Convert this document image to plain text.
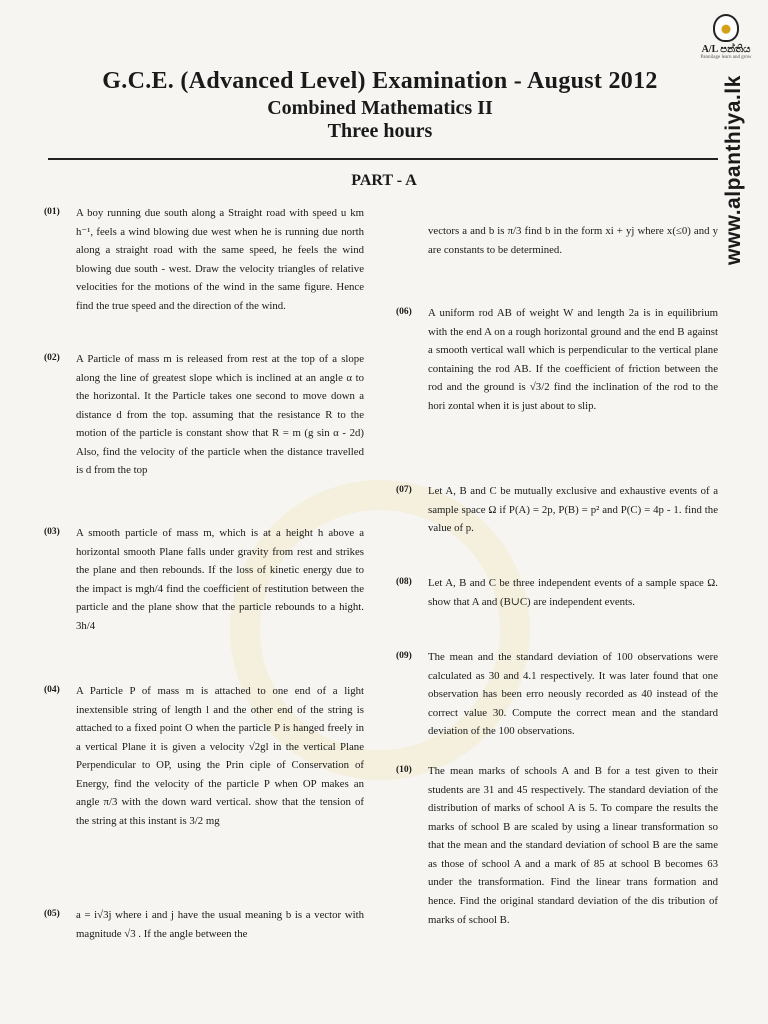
A/L පන්තිය
Pannilage learn and grow
www.alpanthiya.lk
G.C.E. (Advanced Level) Examination - August 2012
Combined Mathematics II
Three hours
PART - A
(01) A boy running due south along a Straight road with speed u km h⁻¹, feels a wind blowing due west when he is running due north along a straight road with the same speed, he feels the wind blowing due south - west. Draw the velocity triangles of relative velocities for the motions of the wind in the same figure. Hence find the true speed and the direction of the wind.
(02) A Particle of mass m is released from rest at the top of a slope along the line of greatest slope which is inclined at an angle α to the horizontal. It the Particle takes one second to move down a distance d from the top. assuming that the resistance R to the motion of the particle is constant show that R = m (g sin α - 2d) Also, find the velocity of the particle when the distance travelled is d from the top
(03) A smooth particle of mass m, which is at a height h above a horizontal smooth Plane falls under gravity from rest and strikes the plane and then rebounds. If the loss of kinetic energy due to the impact is mgh/4 find the coefficient of restitution between the particle and the plane show that the particle rebounds to a hight. 3h/4
(04) A Particle P of mass m is attached to one end of a light inextensible string of length l and the other end of the string is attached to a fixed point O when the particle P is hanged freely in a vertical Plane it is given a velocity √2gl in the vertical Plane Perpendicular to OP, using the Prin ciple of Conservation of Energy, find the velocity of the particle P when OP makes an angle π/3 with the down ward vertical. show that the tension of the string at this instant is 3/2 mg
(05) a = i√3j where i and j have the usual meaning b is a vector with magnitude √3 . If the angle between the
vectors a and b is π/3 find b in the form xi + yj where x(≤0) and y are constants to be determined.
(06) A uniform rod AB of weight W and length 2a is in equilibrium with the end A on a rough horizontal ground and the end B against a smooth vertical wall which is perpendicular to the vertical plane containing the rod AB. If the coefficient of friction between the rod and the ground is √3/2 find the inclination of the rod to the hori zontal when it is just about to slip.
(07) Let A, B and C be mutually exclusive and exhaustive events of a sample space Ω if P(A) = 2p, P(B) = p² and P(C) = 4p - 1. find the value of p.
(08) Let A, B and C be three independent events of a sample space Ω. show that A and (B∪C) are independent events.
(09) The mean and the standard deviation of 100 observations were calculated as 30 and 4.1 respectively. It was later found that one observation has been erro neously recorded as 40 instead of the correct value 30. Compute the correct mean and the standard deviation of the 100 observations.
(10) The mean marks of schools A and B for a test given to their students are 31 and 45 respectively. The standard deviation of the distribution of marks of school A is 5. To compare the results the marks of school B are scaled by using a linear transformation so that the mean and the standard deviation of school B are the same as those of school A and a mark of 85 at school B becomes 63 under the transformation. Find the linear trans formation and hence. Find the original standard deviation of the dis tribution of marks of school B.
